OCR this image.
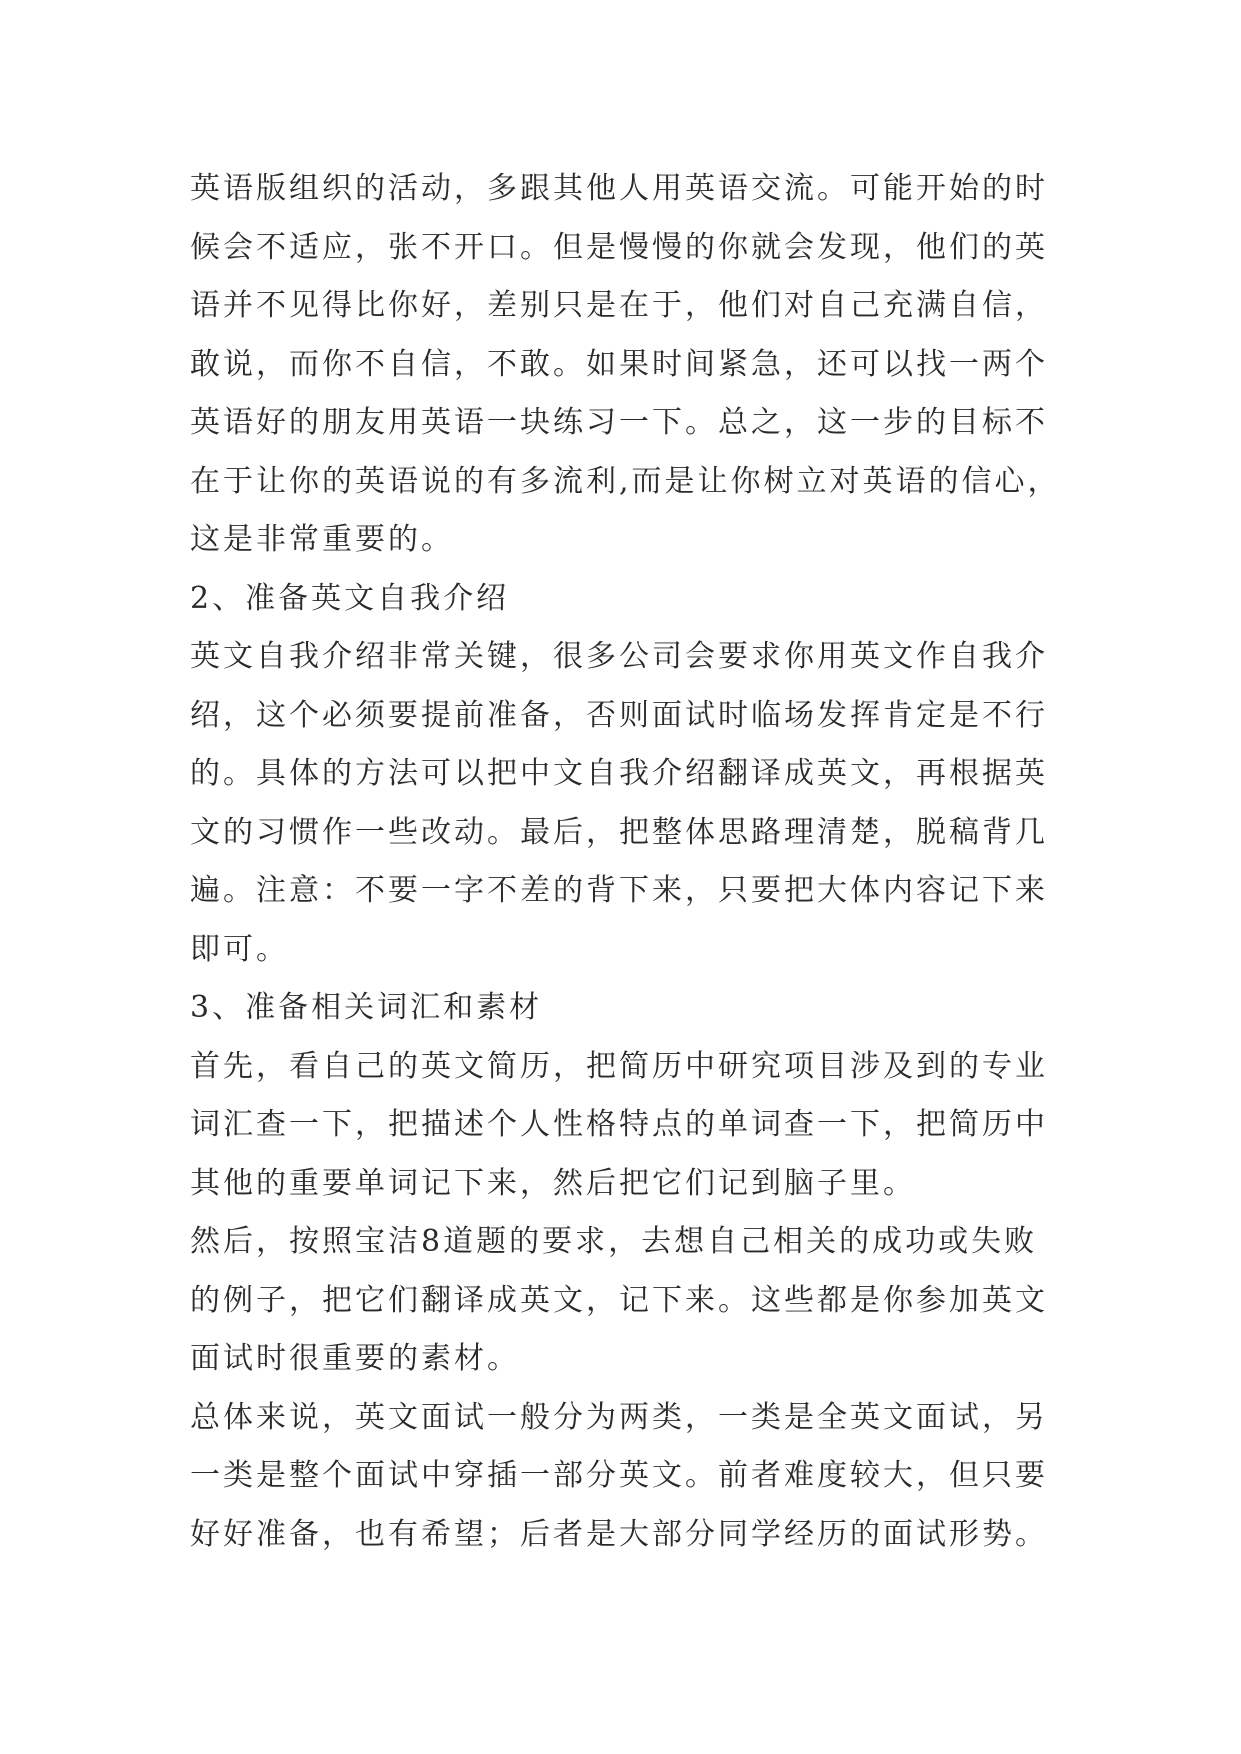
英语版组织的活动，多跟其他人用英语交流。可能开始的时
候会不适应，张不开口。但是慢慢的你就会发现，他们的英
语并不见得比你好，差别只是在于，他们对自己充满自信，
敢说，而你不自信，不敢。如果时间紧急，还可以找一两个
英语好的朋友用英语一块练习一下。总之，这一步的目标不
在于让你的英语说的有多流利,而是让你树立对英语的信心，
这是非常重要的。
2、准备英文自我介绍
英文自我介绍非常关键，很多公司会要求你用英文作自我介
绍，这个必须要提前准备，否则面试时临场发挥肯定是不行
的。具体的方法可以把中文自我介绍翻译成英文，再根据英
文的习惯作一些改动。最后，把整体思路理清楚，脱稿背几
遍。注意：不要一字不差的背下来，只要把大体内容记下来
即可。
3、准备相关词汇和素材
首先，看自己的英文简历，把简历中研究项目涉及到的专业
词汇查一下，把描述个人性格特点的单词查一下，把简历中
其他的重要单词记下来，然后把它们记到脑子里。
然后，按照宝洁8道题的要求，去想自己相关的成功或失败
的例子，把它们翻译成英文，记下来。这些都是你参加英文
面试时很重要的素材。
总体来说，英文面试一般分为两类，一类是全英文面试，另
一类是整个面试中穿插一部分英文。前者难度较大，但只要
好好准备，也有希望；后者是大部分同学经历的面试形势。
